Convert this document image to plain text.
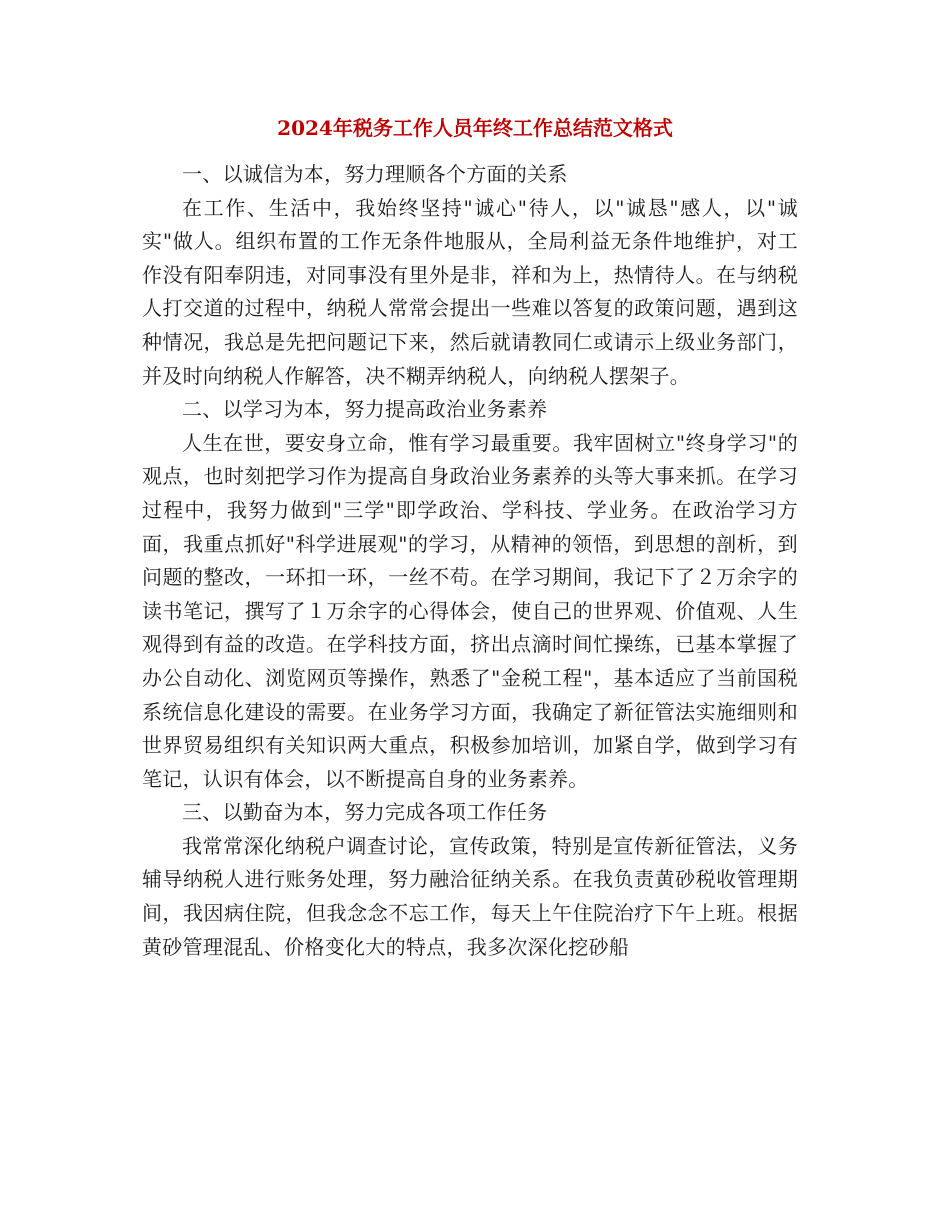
2024年税务工作人员年终工作总结范文格式

一、以诚信为本，努力理顺各个方面的关系

在工作、生活中，我始终坚持"诚心"待人，以"诚恳"感人，以"诚实"做人。组织布置的工作无条件地服从，全局利益无条件地维护，对工作没有阳奉阴违，对同事没有里外是非，祥和为上，热情待人。在与纳税人打交道的过程中，纳税人常常会提出一些难以答复的政策问题，遇到这种情况，我总是先把问题记下来，然后就请教同仁或请示上级业务部门，并及时向纳税人作解答，决不糊弄纳税人，向纳税人摆架子。

二、以学习为本，努力提高政治业务素养

人生在世，要安身立命，惟有学习最重要。我牢固树立"终身学习"的观点，也时刻把学习作为提高自身政治业务素养的头等大事来抓。在学习过程中，我努力做到"三学"即学政治、学科技、学业务。在政治学习方面，我重点抓好"科学进展观"的学习，从精神的领悟，到思想的剖析，到问题的整改，一环扣一环，一丝不苟。在学习期间，我记下了２万余字的读书笔记，撰写了１万余字的心得体会，使自己的世界观、价值观、人生观得到有益的改造。在学科技方面，挤出点滴时间忙操练，已基本掌握了办公自动化、浏览网页等操作，熟悉了"金税工程"，基本适应了当前国税系统信息化建设的需要。在业务学习方面，我确定了新征管法实施细则和世界贸易组织有关知识两大重点，积极参加培训，加紧自学，做到学习有笔记，认识有体会，以不断提高自身的业务素养。

三、以勤奋为本，努力完成各项工作任务

我常常深化纳税户调查讨论，宣传政策，特别是宣传新征管法，义务辅导纳税人进行账务处理，努力融洽征纳关系。在我负责黄砂税收管理期间，我因病住院，但我念念不忘工作，每天上午住院治疗下午上班。根据黄砂管理混乱、价格变化大的特点，我多次深化挖砂船
